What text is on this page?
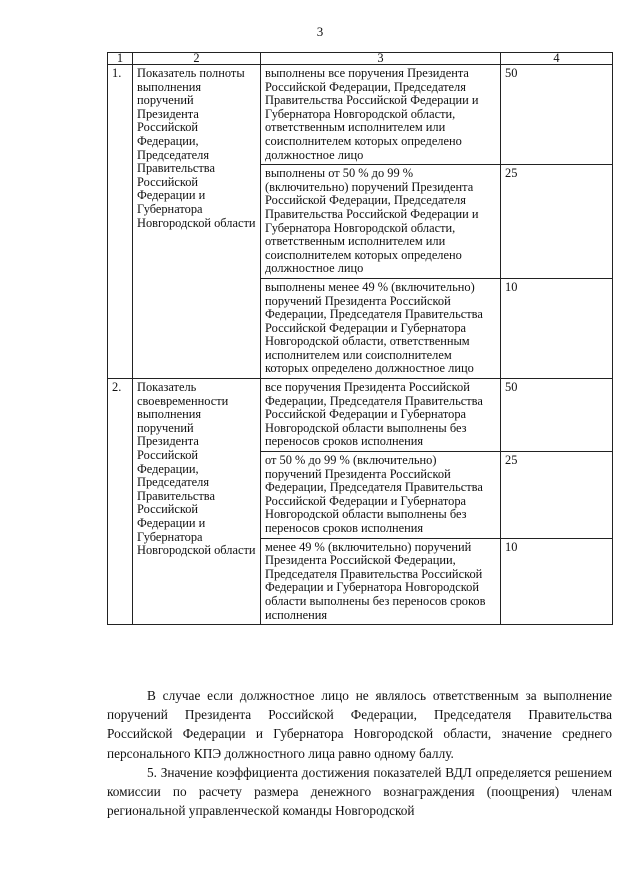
3
1	2	3	4
1.	Показатель полноты выполнения поручений Президента Российской Федерации, Председателя Правительства Российской Федерации и Губернатора Новгородской области	выполнены все поручения Президента Российской Федерации, Председателя Правительства Российской Федерации и Губернатора Новгородской области, ответственным исполнителем или соисполнителем которых определено должностное лицо	50
		выполнены от 50 % до 99 % (включительно) поручений Президента Российской Федерации, Председателя Правительства Российской Федерации и Губернатора Новгородской области, ответственным исполнителем или соисполнителем которых определено должностное лицо	25
		выполнены менее 49 % (включительно) поручений Президента Российской Федерации, Председателя Правительства Российской Федерации и Губернатора Новгородской области, ответственным исполнителем или соисполнителем которых определено должностное лицо	10
2.	Показатель своевременности выполнения поручений Президента Российской Федерации, Председателя Правительства Российской Федерации и Губернатора Новгородской области	все поручения Президента Российской Федерации, Председателя Правительства Российской Федерации и Губернатора Новгородской области выполнены без переносов сроков исполнения	50
		от 50 % до 99 % (включительно) поручений Президента Российской Федерации, Председателя Правительства Российской Федерации и Губернатора Новгородской области выполнены без переносов сроков исполнения	25
		менее 49 % (включительно) поручений Президента Российской Федерации, Председателя Правительства Российской Федерации и Губернатора Новгородской области выполнены без переносов сроков исполнения	10

В случае если должностное лицо не являлось ответственным за выполнение поручений Президента Российской Федерации, Председателя Правительства Российской Федерации и Губернатора Новгородской области, значение среднего персонального КПЭ должностного лица равно одному баллу.

5. Значение коэффициента достижения показателей ВДЛ определяется решением комиссии по расчету размера денежного вознаграждения (поощрения) членам региональной управленческой команды Новгородской
